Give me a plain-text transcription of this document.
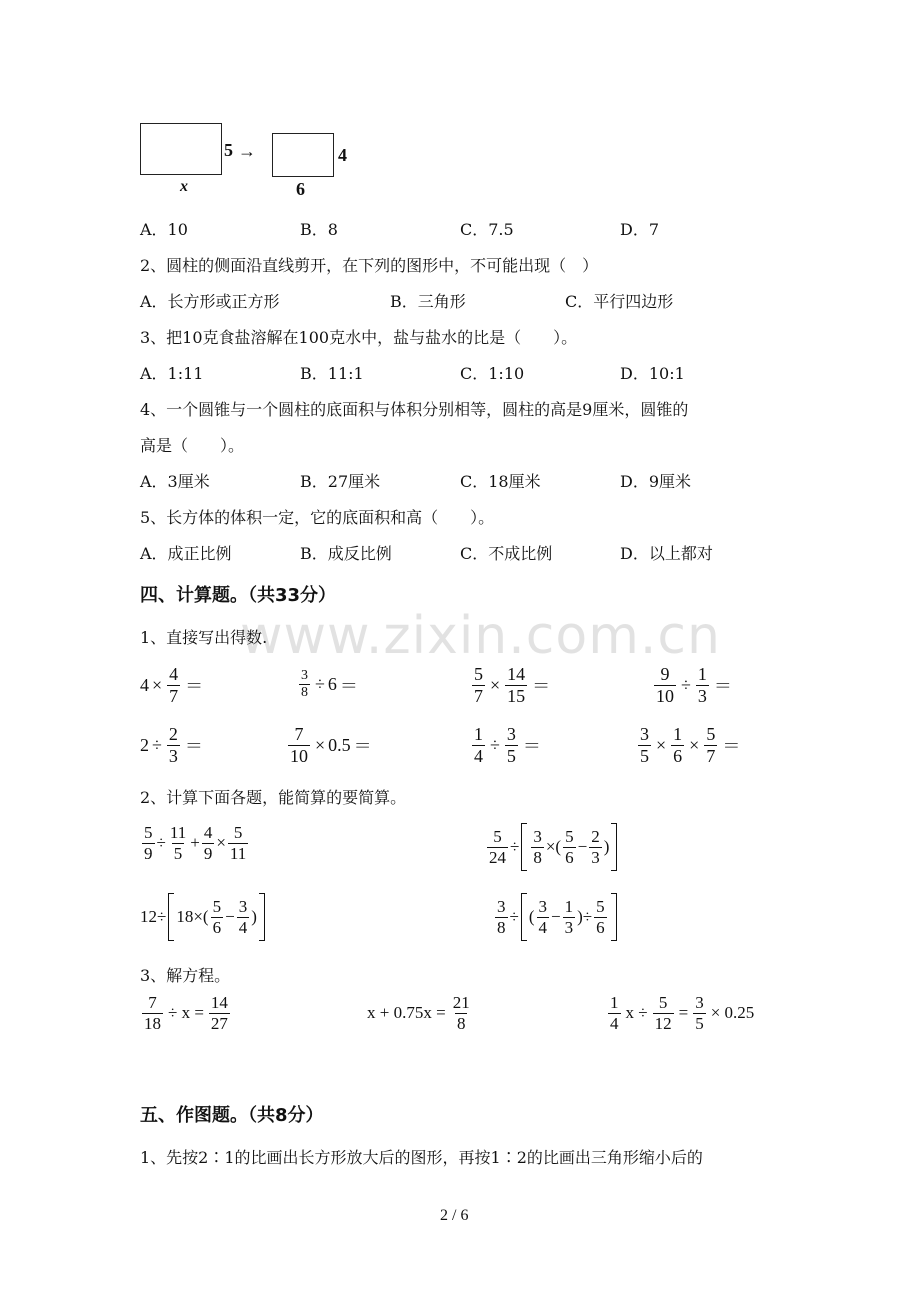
5 →	4
x	6
A．10	B．8	C．7.5	D．7
2、圆柱的侧面沿直线剪开，在下列的图形中，不可能出现（　）
A．长方形或正方形	B．三角形	C．平行四边形
3、把10克食盐溶解在100克水中，盐与盐水的比是（　　）。
A．1:11	B．11:1	C．1:10	D．10:1
4、一个圆锥与一个圆柱的底面积与体积分别相等，圆柱的高是9厘米，圆锥的
高是（　　）。
A．3厘米	B．27厘米	C．18厘米	D．9厘米
5、长方体的体积一定，它的底面积和高（　　）。
A．成正比例	B．成反比例	C．不成比例	D．以上都对
四、计算题。（共33分）
www.zixin.com.cn
1、直接写出得数.
$4 \times \frac{4}{7}$ ＝	$\frac{3}{8} \div 6$ ＝	$\frac{5}{7} \times \frac{14}{15}$ ＝	$\frac{9}{10} \div \frac{1}{3}$ ＝
$2 \div \frac{2}{3}$ ＝	$\frac{7}{10} \times 0.5$ ＝	$\frac{1}{4} \div \frac{3}{5}$ ＝	$\frac{3}{5} \times \frac{1}{6} \times \frac{5}{7}$ ＝
2、计算下面各题，能简算的要简算。
$\frac{5}{9} \div \frac{11}{5} + \frac{4}{9} \times \frac{5}{11}$	$\frac{5}{24} \div \frac{3}{8}$ ×( $\frac{5}{6} - \frac{2}{3}$ )
12 ÷ 18 ×( $\frac{5}{6} - \frac{3}{4}$ )	$\frac{3}{8}$ ÷ ( $\frac{3}{4} - \frac{1}{3}$ )÷ $\frac{5}{6}$
3、解方程。
$\frac{7}{18} \div x = \frac{14}{27}$	$x + 0.75x = \frac{21}{8}$	$\frac{1}{4}$ $x \div \frac{5}{12} = \frac{3}{5} \times 0.25$
五、作图题。（共8分）
1、先按2∶1的比画出长方形放大后的图形，再按1∶2的比画出三角形缩小后的
2 / 6
